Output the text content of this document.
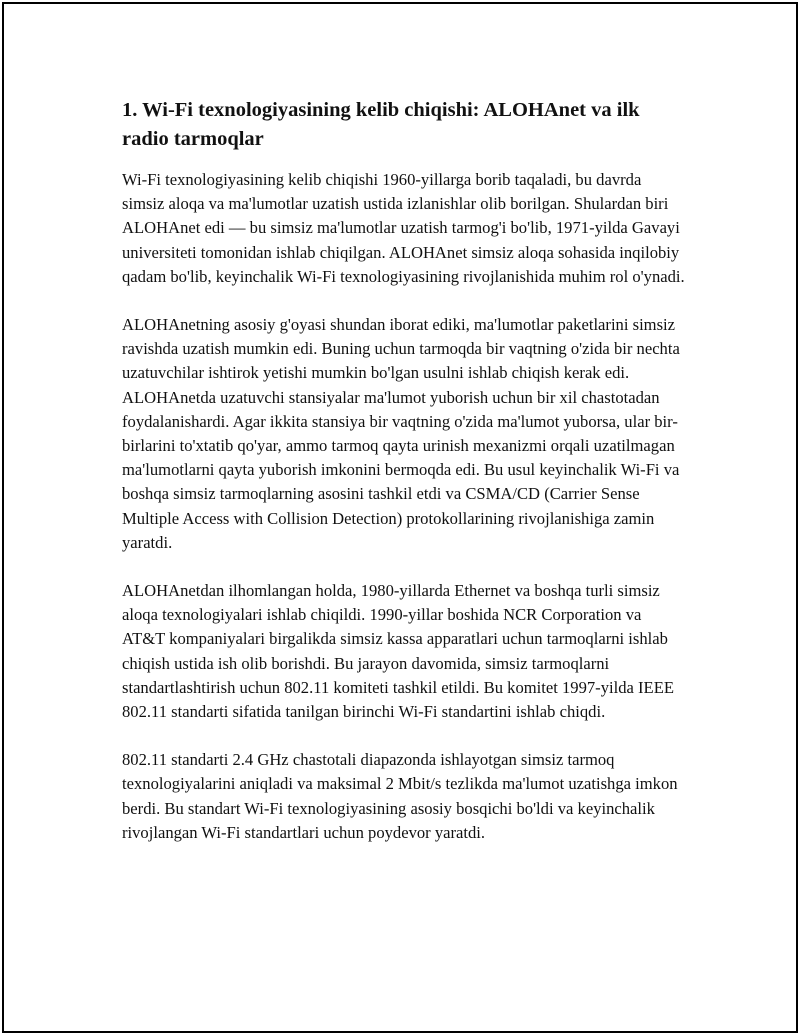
1. Wi-Fi texnologiyasining kelib chiqishi: ALOHAnet va ilk radio tarmoqlar

Wi-Fi texnologiyasining kelib chiqishi 1960-yillarga borib taqaladi, bu davrda simsiz aloqa va ma'lumotlar uzatish ustida izlanishlar olib borilgan. Shulardan biri ALOHAnet edi — bu simsiz ma'lumotlar uzatish tarmog'i bo'lib, 1971-yilda Gavayi universiteti tomonidan ishlab chiqilgan. ALOHAnet simsiz aloqa sohasida inqilobiy qadam bo'lib, keyinchalik Wi-Fi texnologiyasining rivojlanishida muhim rol o'ynadi.

ALOHAnetning asosiy g'oyasi shundan iborat ediki, ma'lumotlar paketlarini simsiz ravishda uzatish mumkin edi. Buning uchun tarmoqda bir vaqtning o'zida bir nechta uzatuvchilar ishtirok yetishi mumkin bo'lgan usulni ishlab chiqish kerak edi. ALOHAnetda uzatuvchi stansiyalar ma'lumot yuborish uchun bir xil chastotadan foydalanishardi. Agar ikkita stansiya bir vaqtning o'zida ma'lumot yuborsa, ular bir-birlarini to'xtatib qo'yar, ammo tarmoq qayta urinish mexanizmi orqali uzatilmagan ma'lumotlarni qayta yuborish imkonini bermoqda edi. Bu usul keyinchalik Wi-Fi va boshqa simsiz tarmoqlarning asosini tashkil etdi va CSMA/CD (Carrier Sense Multiple Access with Collision Detection) protokollarining rivojlanishiga zamin yaratdi.

ALOHAnetdan ilhomlangan holda, 1980-yillarda Ethernet va boshqa turli simsiz aloqa texnologiyalari ishlab chiqildi. 1990-yillar boshida NCR Corporation va AT&T kompaniyalari birgalikda simsiz kassa apparatlari uchun tarmoqlarni ishlab chiqish ustida ish olib borishdi. Bu jarayon davomida, simsiz tarmoqlarni standartlashtirish uchun 802.11 komiteti tashkil etildi. Bu komitet 1997-yilda IEEE 802.11 standarti sifatida tanilgan birinchi Wi-Fi standartini ishlab chiqdi.

802.11 standarti 2.4 GHz chastotali diapazonda ishlayotgan simsiz tarmoq texnologiyalarini aniqladi va maksimal 2 Mbit/s tezlikda ma'lumot uzatishga imkon berdi. Bu standart Wi-Fi texnologiyasining asosiy bosqichi bo'ldi va keyinchalik rivojlangan Wi-Fi standartlari uchun poydevor yaratdi.
